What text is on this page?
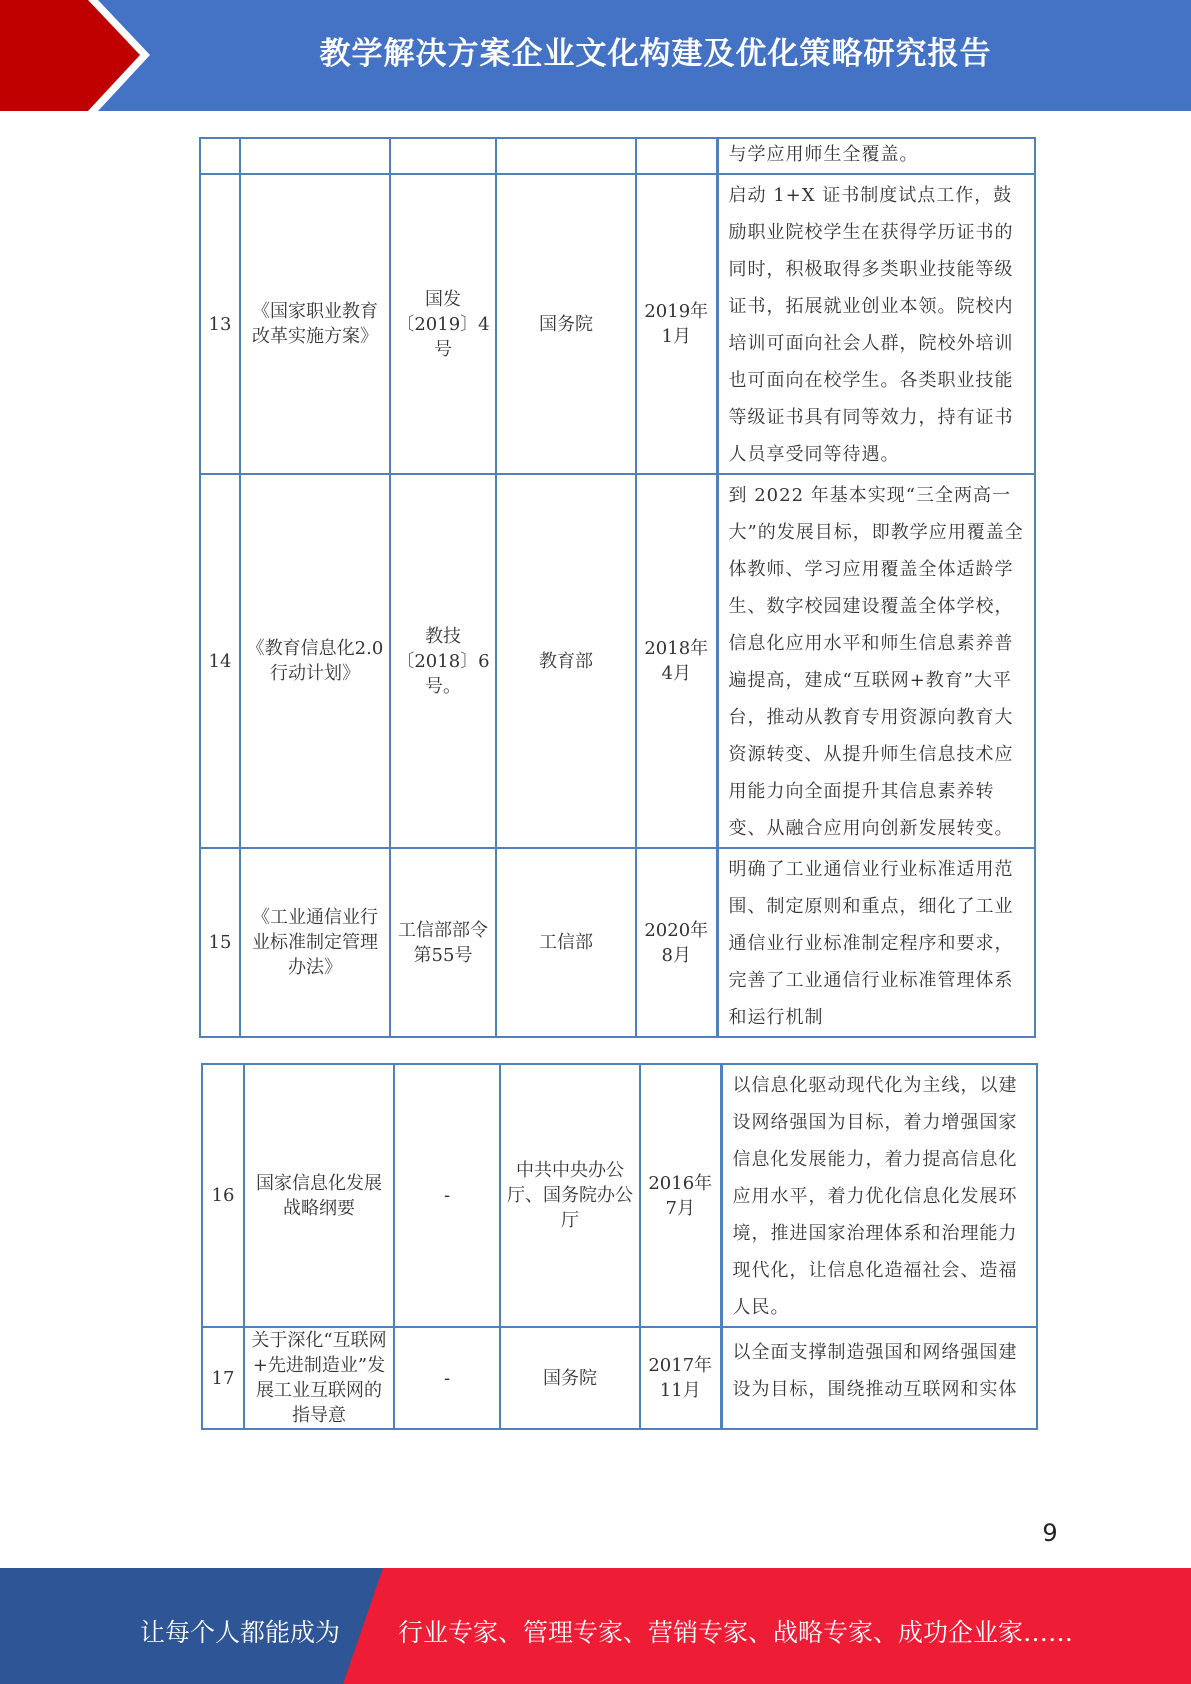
教学解决方案企业文化构建及优化策略研究报告
					与学应用师生全覆盖。
13	《国家职业教育改革实施方案》	国发〔2019〕4号	国务院	2019年1月	启动 1+X 证书制度试点工作，鼓励职业院校学生在获得学历证书的同时，积极取得多类职业技能等级证书，拓展就业创业本领。院校内培训可面向社会人群，院校外培训也可面向在校学生。各类职业技能等级证书具有同等效力，持有证书人员享受同等待遇。
14	《教育信息化2.0行动计划》	教技〔2018〕6号。	教育部	2018年4月	到 2022 年基本实现“三全两高一大”的发展目标，即教学应用覆盖全体教师、学习应用覆盖全体适龄学生、数字校园建设覆盖全体学校，信息化应用水平和师生信息素养普遍提高，建成“互联网+教育”大平台，推动从教育专用资源向教育大资源转变、从提升师生信息技术应用能力向全面提升其信息素养转变、从融合应用向创新发展转变。
15	《工业通信业行业标准制定管理办法》	工信部部令第55号	工信部	2020年8月	明确了工业通信业行业标准适用范围、制定原则和重点，细化了工业通信业行业标准制定程序和要求，完善了工业通信行业标准管理体系和运行机制
16	国家信息化发展战略纲要	-	中共中央办公厅、国务院办公厅	2016年7月	以信息化驱动现代化为主线，以建设网络强国为目标，着力增强国家信息化发展能力，着力提高信息化应用水平，着力优化信息化发展环境，推进国家治理体系和治理能力现代化，让信息化造福社会、造福人民。
17	关于深化“互联网+先进制造业”发展工业互联网的指导意	-	国务院	2017年11月	以全面支撑制造强国和网络强国建设为目标，围绕推动互联网和实体
9
让每个人都能成为 行业专家、管理专家、营销专家、战略专家、成功企业家……
